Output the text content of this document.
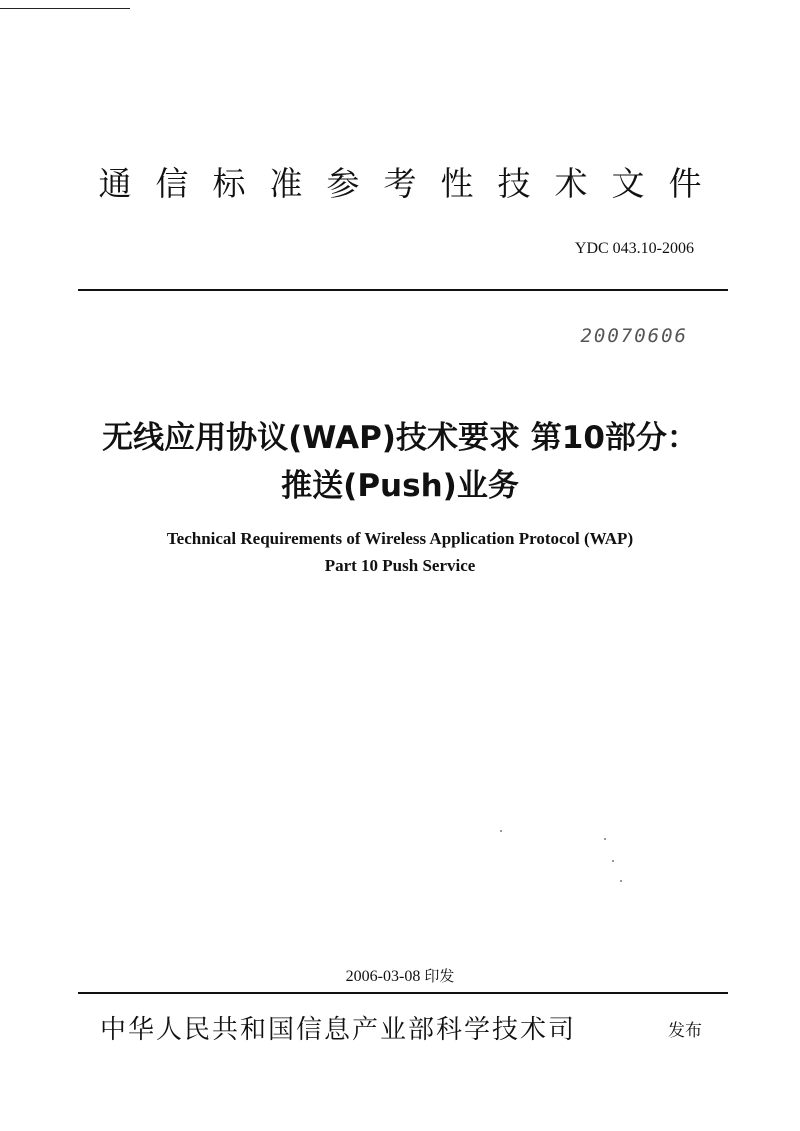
通信标准参考性技术文件
YDC 043.10-2006
20070606
无线应用协议(WAP)技术要求 第10部分：
推送(Push)业务
Technical Requirements of Wireless Application Protocol (WAP)
Part 10 Push Service
2006-03-08 印发
中华人民共和国信息产业部科学技术司	发布
